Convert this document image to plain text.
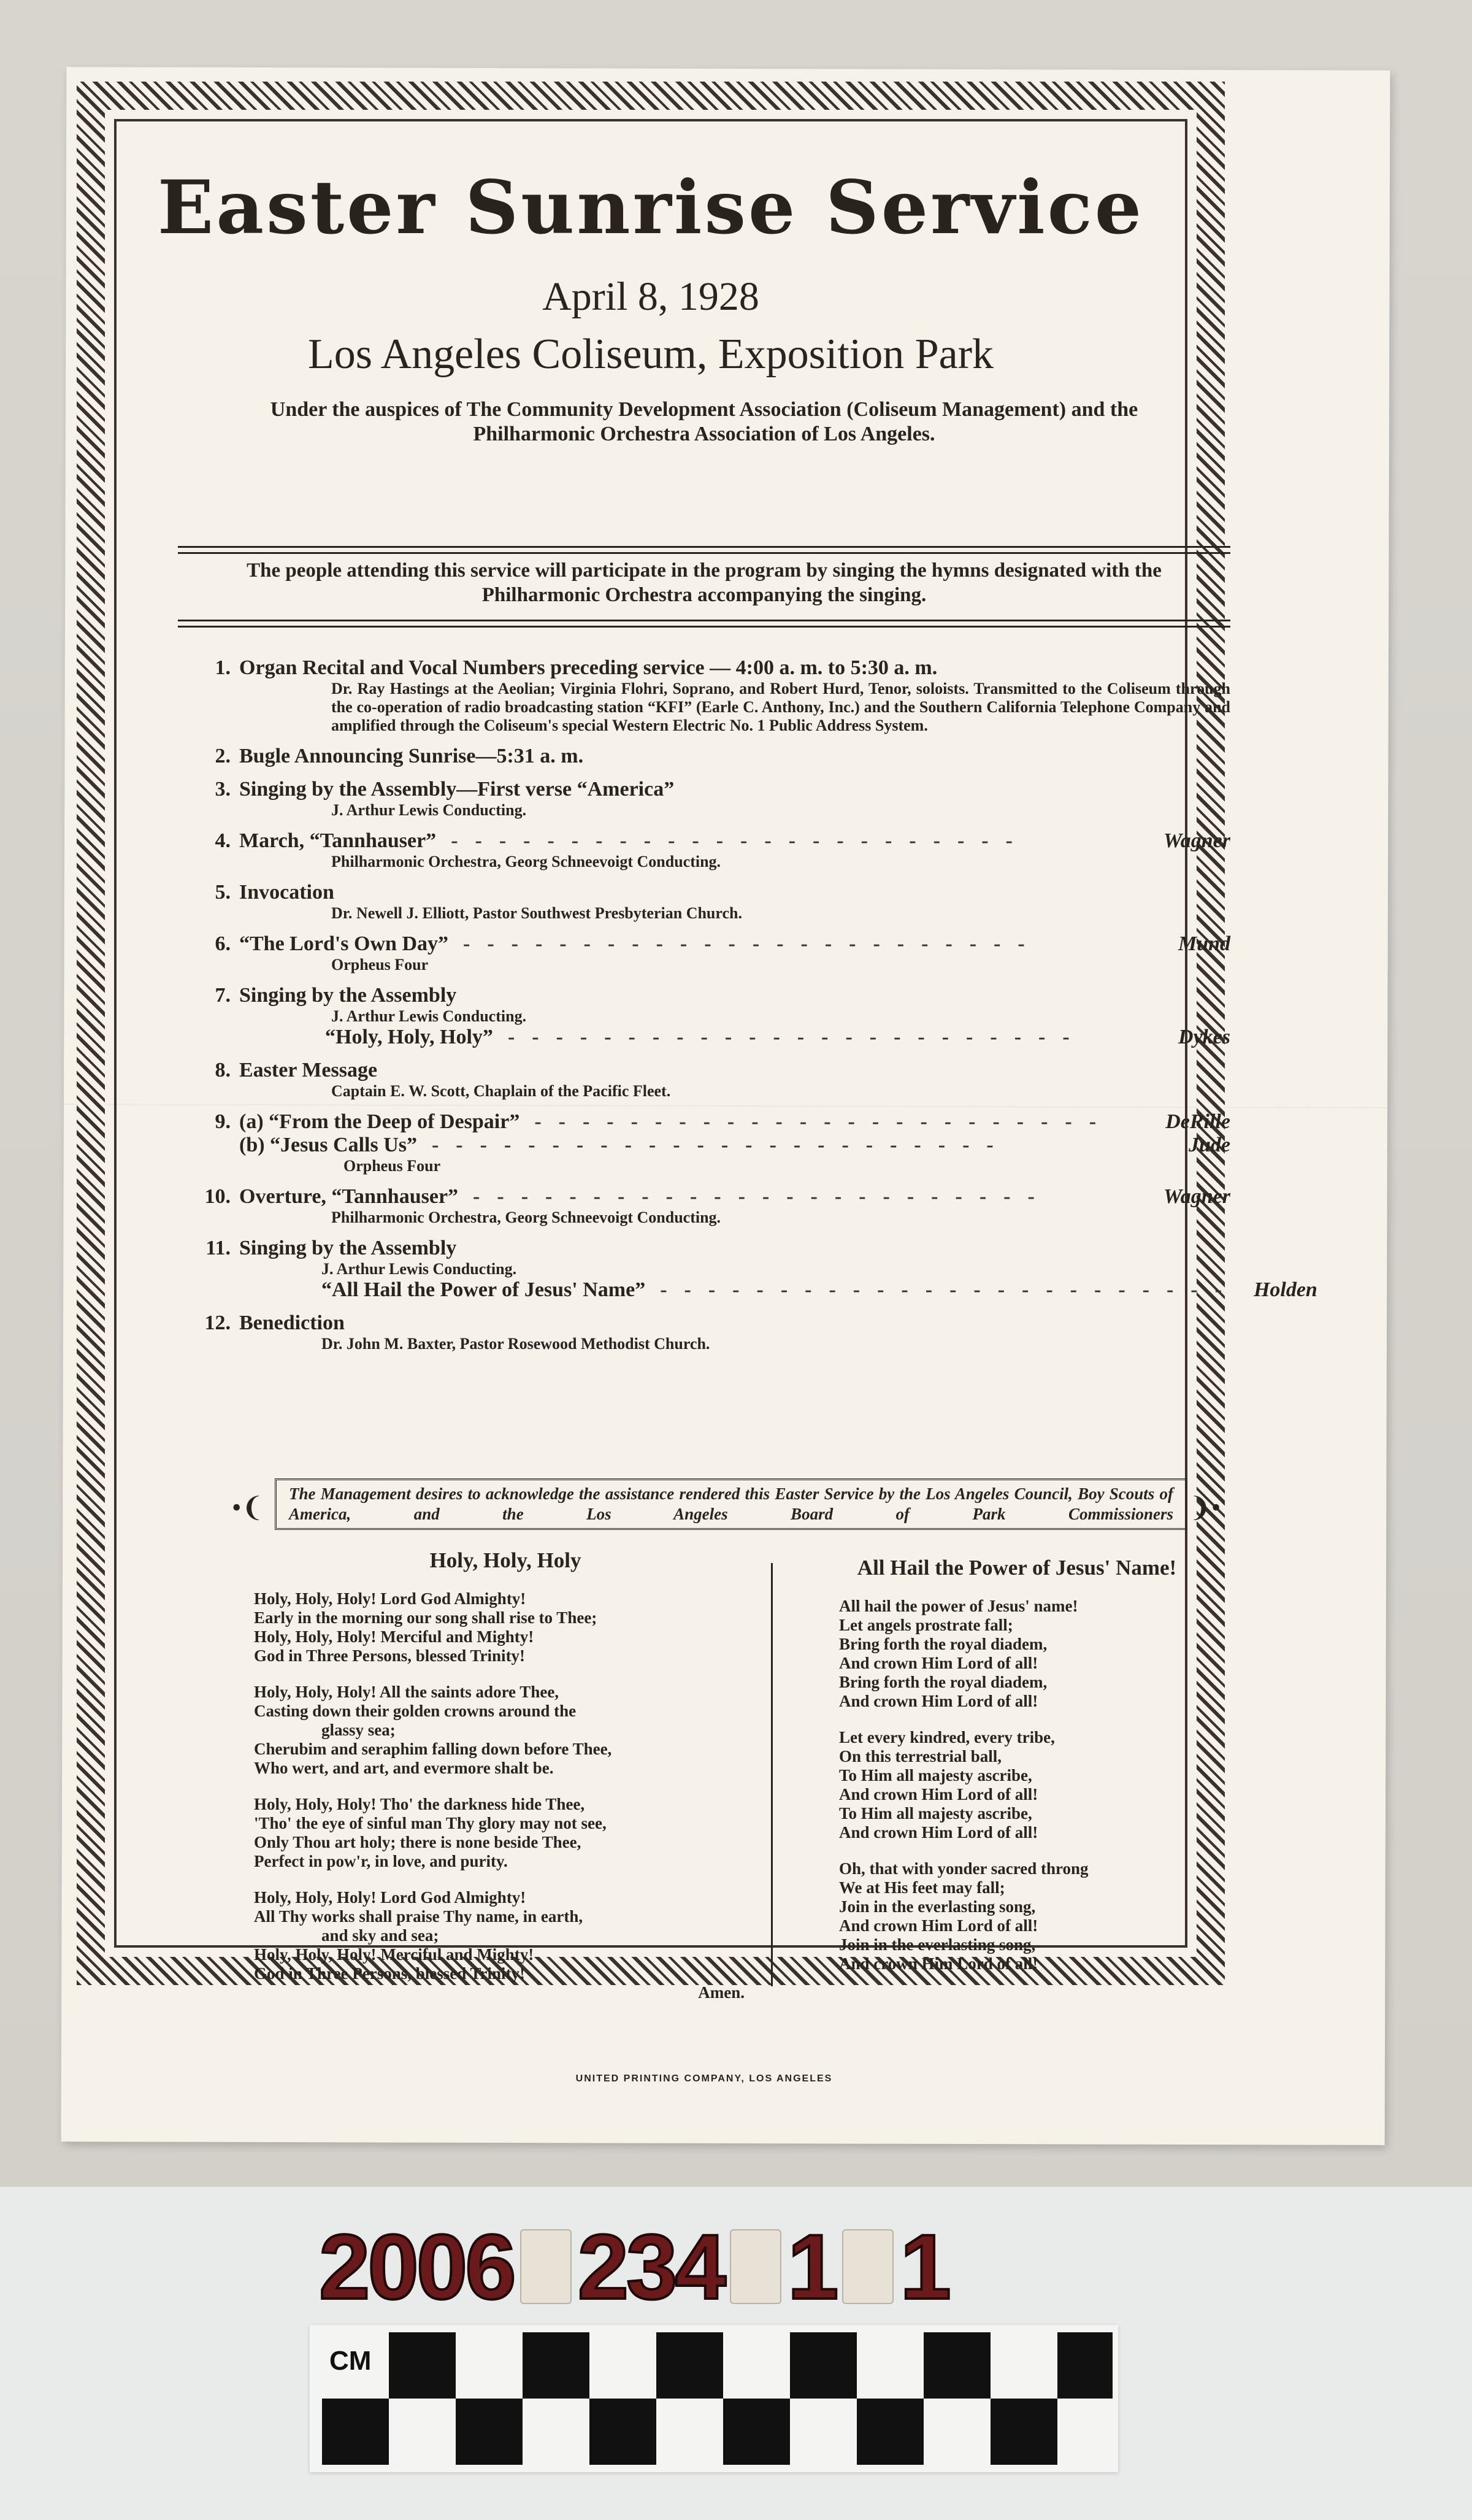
Easter Sunrise Service
April 8, 1928
Los Angeles Coliseum, Exposition Park
Under the auspices of The Community Development Association (Coliseum Management) and the Philharmonic Orchestra Association of Los Angeles.
The people attending this service will participate in the program by singing the hymns designated with the Philharmonic Orchestra accompanying the singing.
1. Organ Recital and Vocal Numbers preceding service — 4:00 a. m. to 5:30 a. m.
Dr. Ray Hastings at the Aeolian; Virginia Flohri, Soprano, and Robert Hurd, Tenor, soloists. Transmitted to the Coliseum through the co-operation of radio broadcasting station “KFI” (Earle C. Anthony, Inc.) and the Southern California Telephone Company and amplified through the Coliseum's special Western Electric No. 1 Public Address System.
2. Bugle Announcing Sunrise—5:31 a. m.
3. Singing by the Assembly—First verse “America”
J. Arthur Lewis Conducting.
4. March, “Tannhauser” ------------------------	Wagner
Philharmonic Orchestra, Georg Schneevoigt Conducting.
5. Invocation
Dr. Newell J. Elliott, Pastor Southwest Presbyterian Church.
6. “The Lord's Own Day” ------------------------	Mund
Orpheus Four
7. Singing by the Assembly
J. Arthur Lewis Conducting.
“Holy, Holy, Holy” ------------------------	Dykes
8. Easter Message
Captain E. W. Scott, Chaplain of the Pacific Fleet.
9. (a) “From the Deep of Despair” ------------------------	DeRille
(b) “Jesus Calls Us” ------------------------	Jude
Orpheus Four
10. Overture, “Tannhauser” ------------------------	Wagner
Philharmonic Orchestra, Georg Schneevoigt Conducting.
11. Singing by the Assembly
J. Arthur Lewis Conducting.
“All Hail the Power of Jesus' Name” ------------------------ Holden
12. Benediction
Dr. John M. Baxter, Pastor Rosewood Methodist Church.
•❨	The Management desires to acknowledge the assistance rendered this Easter Service by the Los Angeles Council, Boy Scouts of America, and the Los Angeles Board of Park Commissioners ❩•
Holy, Holy, Holy
Holy, Holy, Holy! Lord God Almighty!
Early in the morning our song shall rise to Thee;
Holy, Holy, Holy! Merciful and Mighty!
God in Three Persons, blessed Trinity!
Holy, Holy, Holy! All the saints adore Thee,
Casting down their golden crowns around the
glassy sea;
Cherubim and seraphim falling down before Thee,
Who wert, and art, and evermore shalt be.
Holy, Holy, Holy! Tho' the darkness hide Thee,
'Tho' the eye of sinful man Thy glory may not see,
Only Thou art holy; there is none beside Thee,
Perfect in pow'r, in love, and purity.
Holy, Holy, Holy! Lord God Almighty!
All Thy works shall praise Thy name, in earth,
and sky and sea;
Holy, Holy, Holy! Merciful and Mighty!
God in Three Persons, blessed Trinity!
Amen.
All Hail the Power of Jesus' Name!
All hail the power of Jesus' name!
Let angels prostrate fall;
Bring forth the royal diadem,
And crown Him Lord of all!
Bring forth the royal diadem,
And crown Him Lord of all!
Let every kindred, every tribe,
On this terrestrial ball,
To Him all majesty ascribe,
And crown Him Lord of all!
To Him all majesty ascribe,
And crown Him Lord of all!
Oh, that with yonder sacred throng
We at His feet may fall;
Join in the everlasting song,
And crown Him Lord of all!
Join in the everlasting song,
And crown Him Lord of all!
UNITED PRINTING COMPANY, LOS ANGELES
2006 234 1 1
CM
